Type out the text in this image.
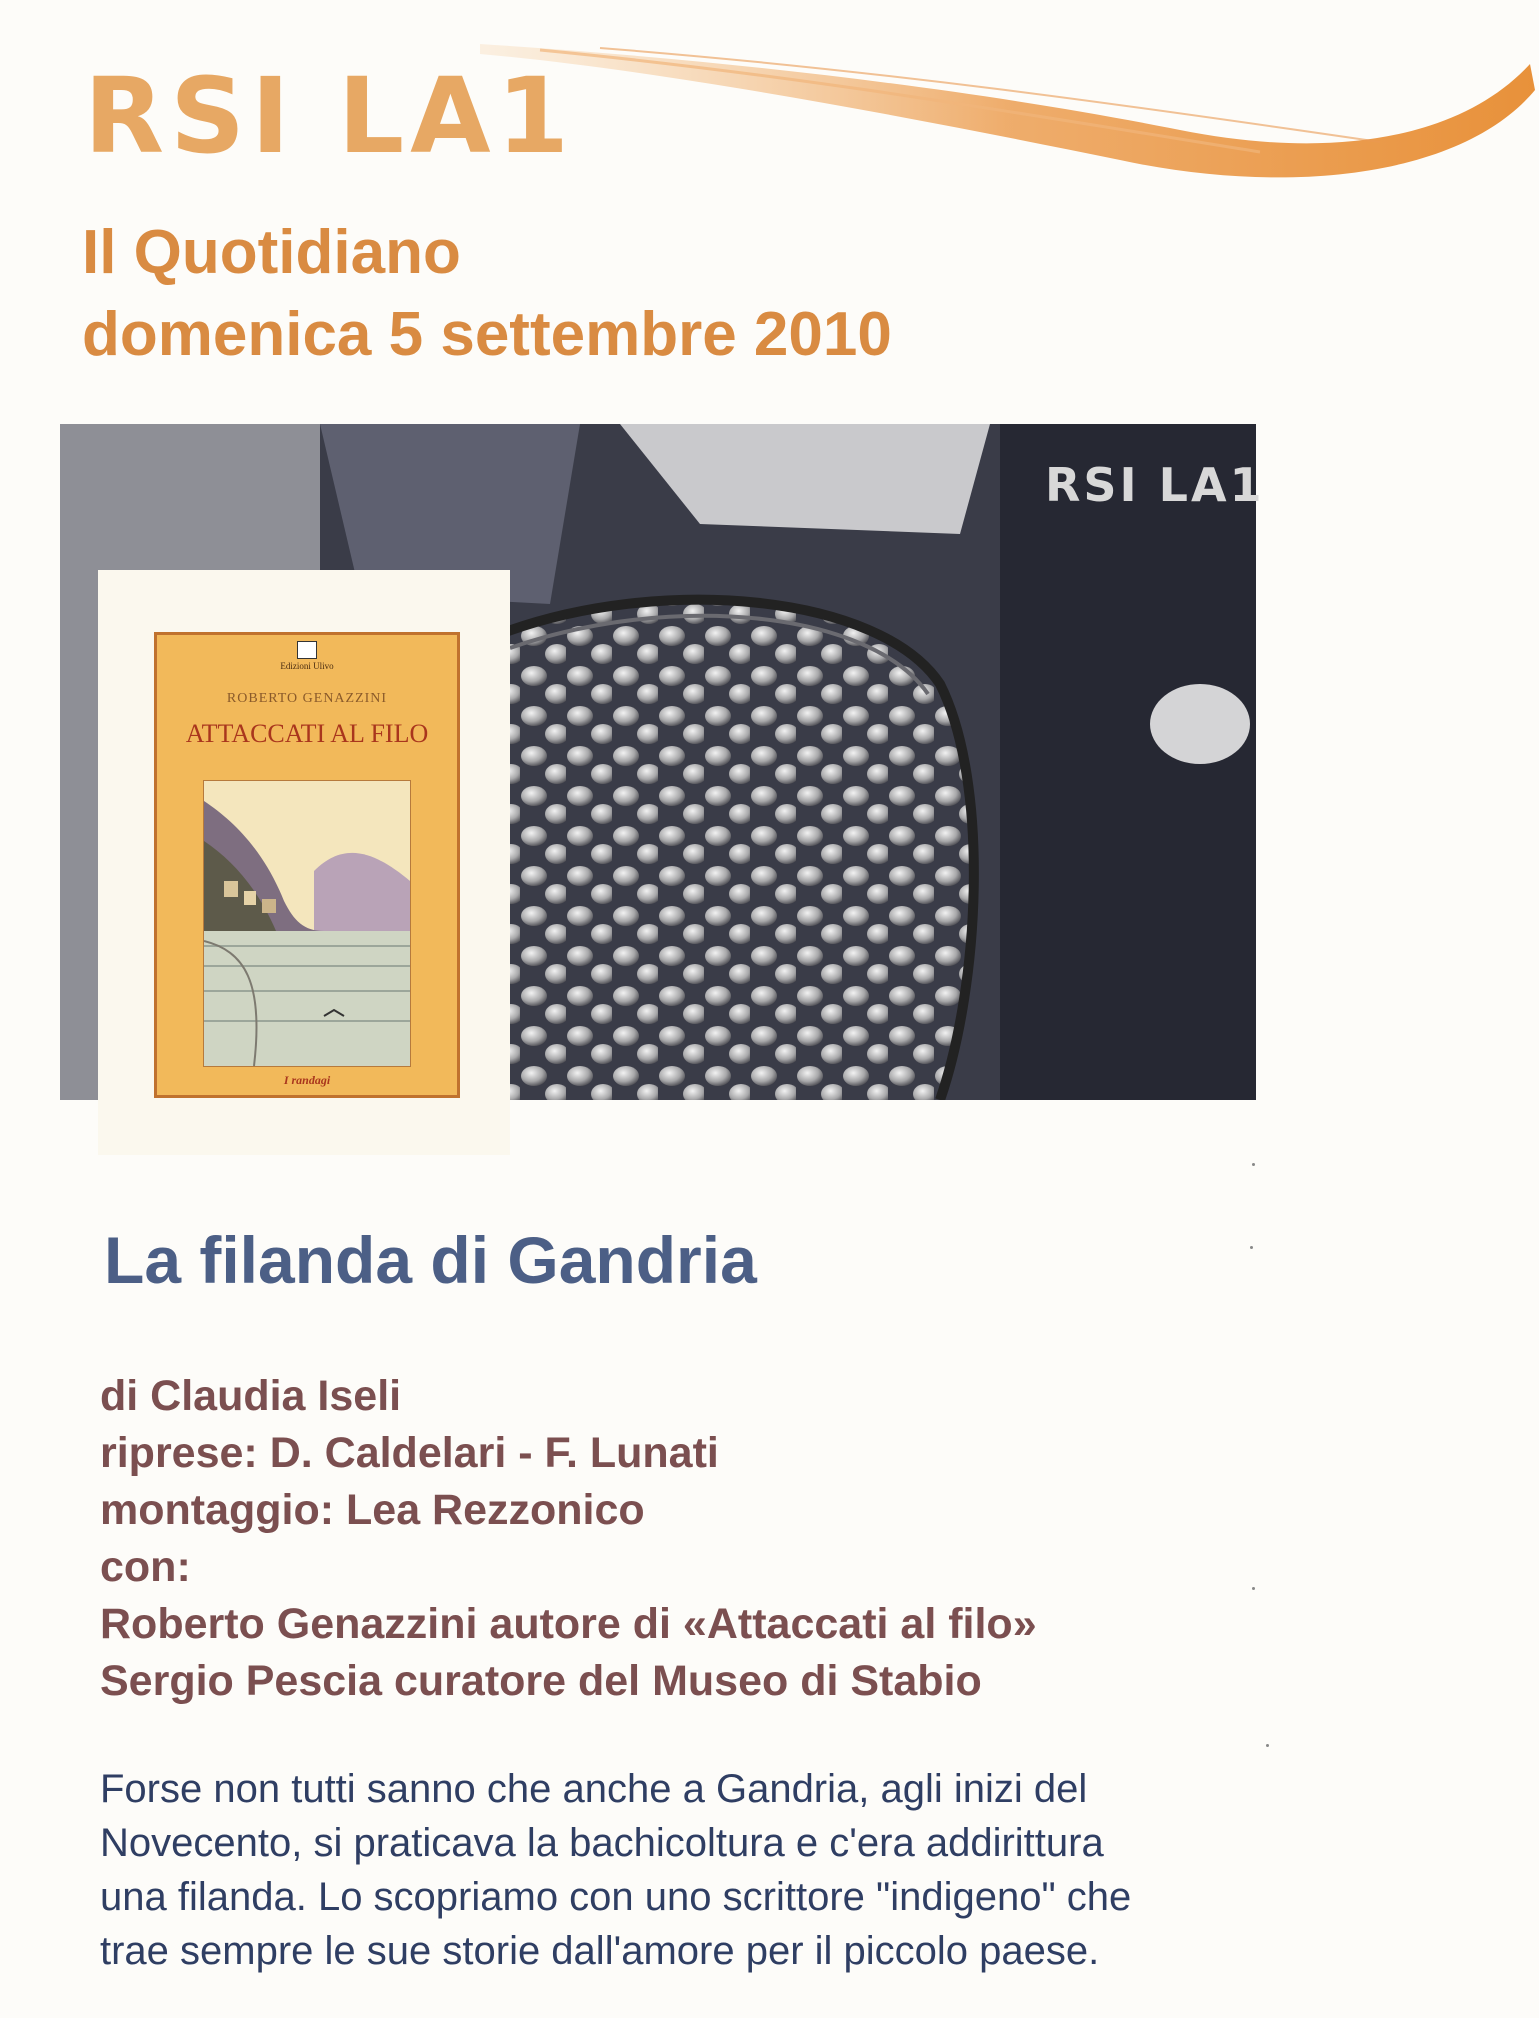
RSI LA1
Il Quotidiano
domenica 5 settembre 2010
RSI LA1
Edizioni Ulivo
ROBERTO GENAZZINI
ATTACCATI AL FILO
I randagi
La filanda di Gandria
di Claudia Iseli
riprese: D. Caldelari - F. Lunati
montaggio: Lea Rezzonico
con:
Roberto Genazzini autore di «Attaccati al filo»
Sergio Pescia curatore del Museo di Stabio
Forse non tutti sanno che anche a Gandria, agli inizi del
Novecento, si praticava la bachicoltura e c'era addirittura
una filanda. Lo scopriamo con uno scrittore "indigeno" che
trae sempre le sue storie dall'amore per il piccolo paese.
